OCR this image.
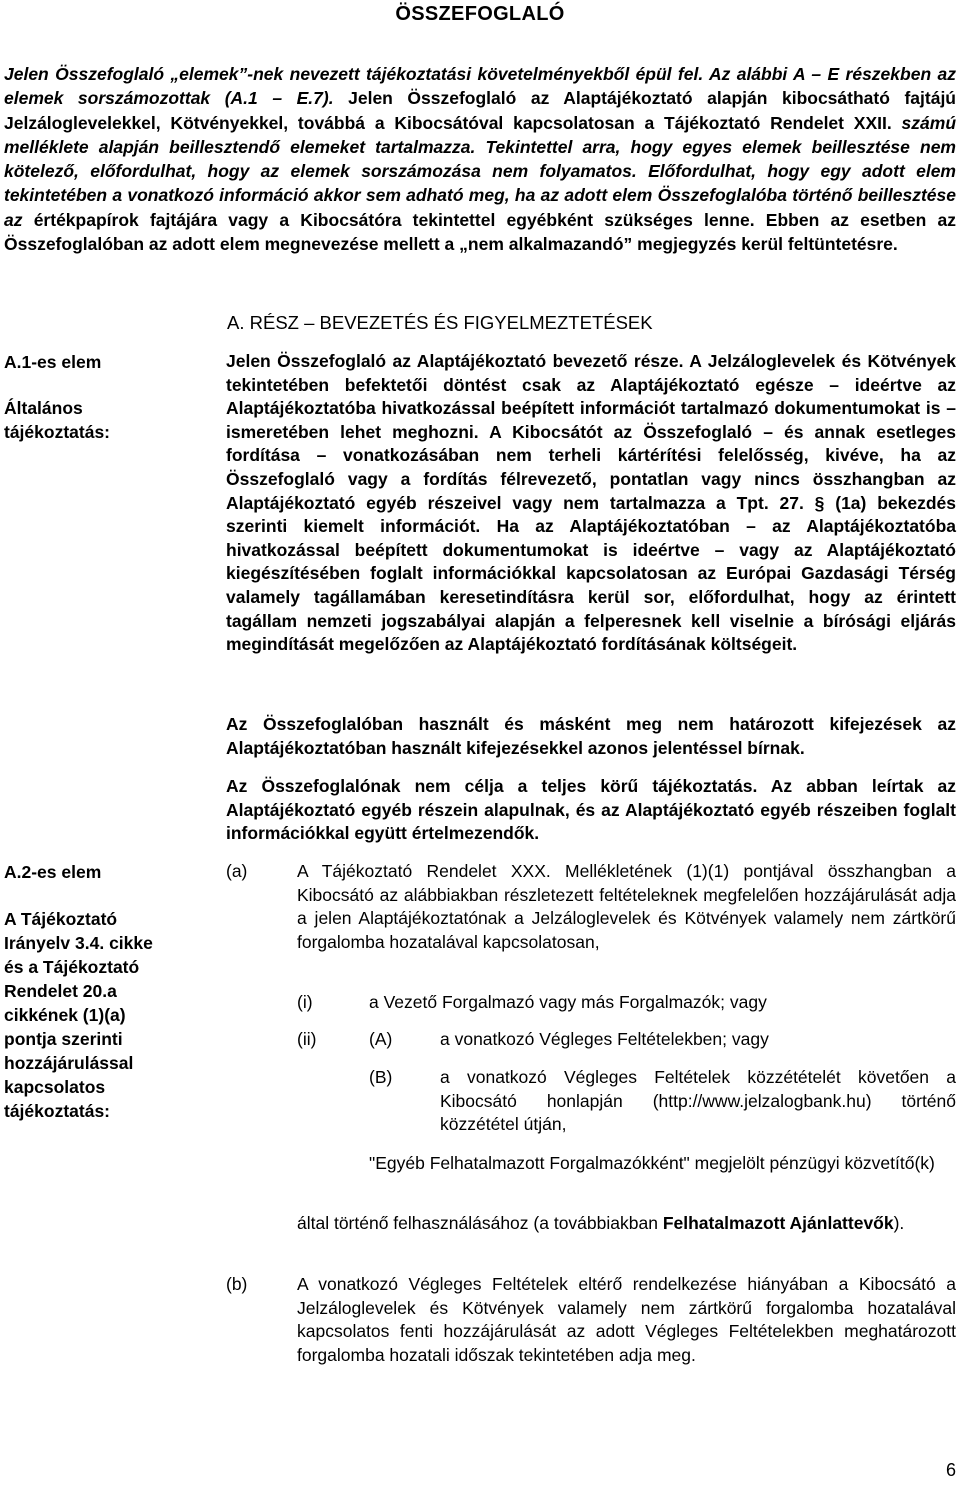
ÖSSZEFOGLALÓ
Jelen Összefoglaló „elemek”-nek nevezett tájékoztatási követelményekből épül fel. Az alábbi A – E részekben az elemek sorszámozottak (A.1 – E.7). Jelen Összefoglaló az Alaptájékoztató alapján kibocsátható fajtájú Jelzáloglevelekkel, Kötvényekkel, továbbá a Kibocsátóval kapcsolatosan a Tájékoztató Rendelet XXII. számú melléklete alapján beillesztendő elemeket tartalmazza. Tekintettel arra, hogy egyes elemek beillesztése nem kötelező, előfordulhat, hogy az elemek sorszámozása nem folyamatos. Előfordulhat, hogy egy adott elem tekintetében a vonatkozó információ akkor sem adható meg, ha az adott elem Összefoglalóba történő beillesztése az értékpapírok fajtájára vagy a Kibocsátóra tekintettel egyébként szükséges lenne. Ebben az esetben az Összefoglalóban az adott elem megnevezése mellett a „nem alkalmazandó” megjegyzés kerül feltüntetésre.
A. RÉSZ – BEVEZETÉS ÉS FIGYELMEZTETÉSEK
A.1-es elem
Általános tájékoztatás:
Jelen Összefoglaló az Alaptájékoztató bevezető része. A Jelzáloglevelek és Kötvények tekintetében befektetői döntést csak az Alaptájékoztató egésze – ideértve az Alaptájékoztatóba hivatkozással beépített információt tartalmazó dokumentumokat is – ismeretében lehet meghozni. A Kibocsátót az Összefoglaló – és annak esetleges fordítása – vonatkozásában nem terheli kártérítési felelősség, kivéve, ha az Összefoglaló vagy a fordítás félrevezető, pontatlan vagy nincs összhangban az Alaptájékoztató egyéb részeivel vagy nem tartalmazza a Tpt. 27. § (1a) bekezdés szerinti kiemelt információt. Ha az Alaptájékoztatóban – az Alaptájékoztatóba hivatkozással beépített dokumentumokat is ideértve – vagy az Alaptájékoztató kiegészítésében foglalt információkkal kapcsolatosan az Európai Gazdasági Térség valamely tagállamában keresetindításra kerül sor, előfordulhat, hogy az érintett tagállam nemzeti jogszabályai alapján a felperesnek kell viselnie a bírósági eljárás megindítását megelőzően az Alaptájékoztató fordításának költségeit.
Az Összefoglalóban használt és másként meg nem határozott kifejezések az Alaptájékoztatóban használt kifejezésekkel azonos jelentéssel bírnak.
Az Összefoglalónak nem célja a teljes körű tájékoztatás. Az abban leírtak az Alaptájékoztató egyéb részein alapulnak, és az Alaptájékoztató egyéb részeiben foglalt információkkal együtt értelmezendők.
A.2-es elem
A Tájékoztató Irányelv 3.4. cikke és a Tájékoztató Rendelet 20.a cikkének (1)(a) pontja szerinti hozzájárulással kapcsolatos tájékoztatás:
(a)	A Tájékoztató Rendelet XXX. Mellékletének (1)(1) pontjával összhangban a Kibocsátó az alábbiakban részletezett feltételeknek megfelelően hozzájárulását adja a jelen Alaptájékoztatónak a Jelzáloglevelek és Kötvények valamely nem zártkörű forgalomba hozatalával kapcsolatosan,
(i)	a Vezető Forgalmazó vagy más Forgalmazók; vagy
(ii)	(A)	a vonatkozó Végleges Feltételekben; vagy
(B)	a vonatkozó Végleges Feltételek közzétételét követően a Kibocsátó honlapján (http://www.jelzalogbank.hu) történő közzététel útján,
"Egyéb Felhatalmazott Forgalmazókként" megjelölt pénzügyi közvetítő(k)
által történő felhasználásához (a továbbiakban Felhatalmazott Ajánlattevők).
(b)	A vonatkozó Végleges Feltételek eltérő rendelkezése hiányában a Kibocsátó a Jelzáloglevelek és Kötvények valamely nem zártkörű forgalomba hozatalával kapcsolatos fenti hozzájárulását az adott Végleges Feltételekben meghatározott forgalomba hozatali időszak tekintetében adja meg.
6
